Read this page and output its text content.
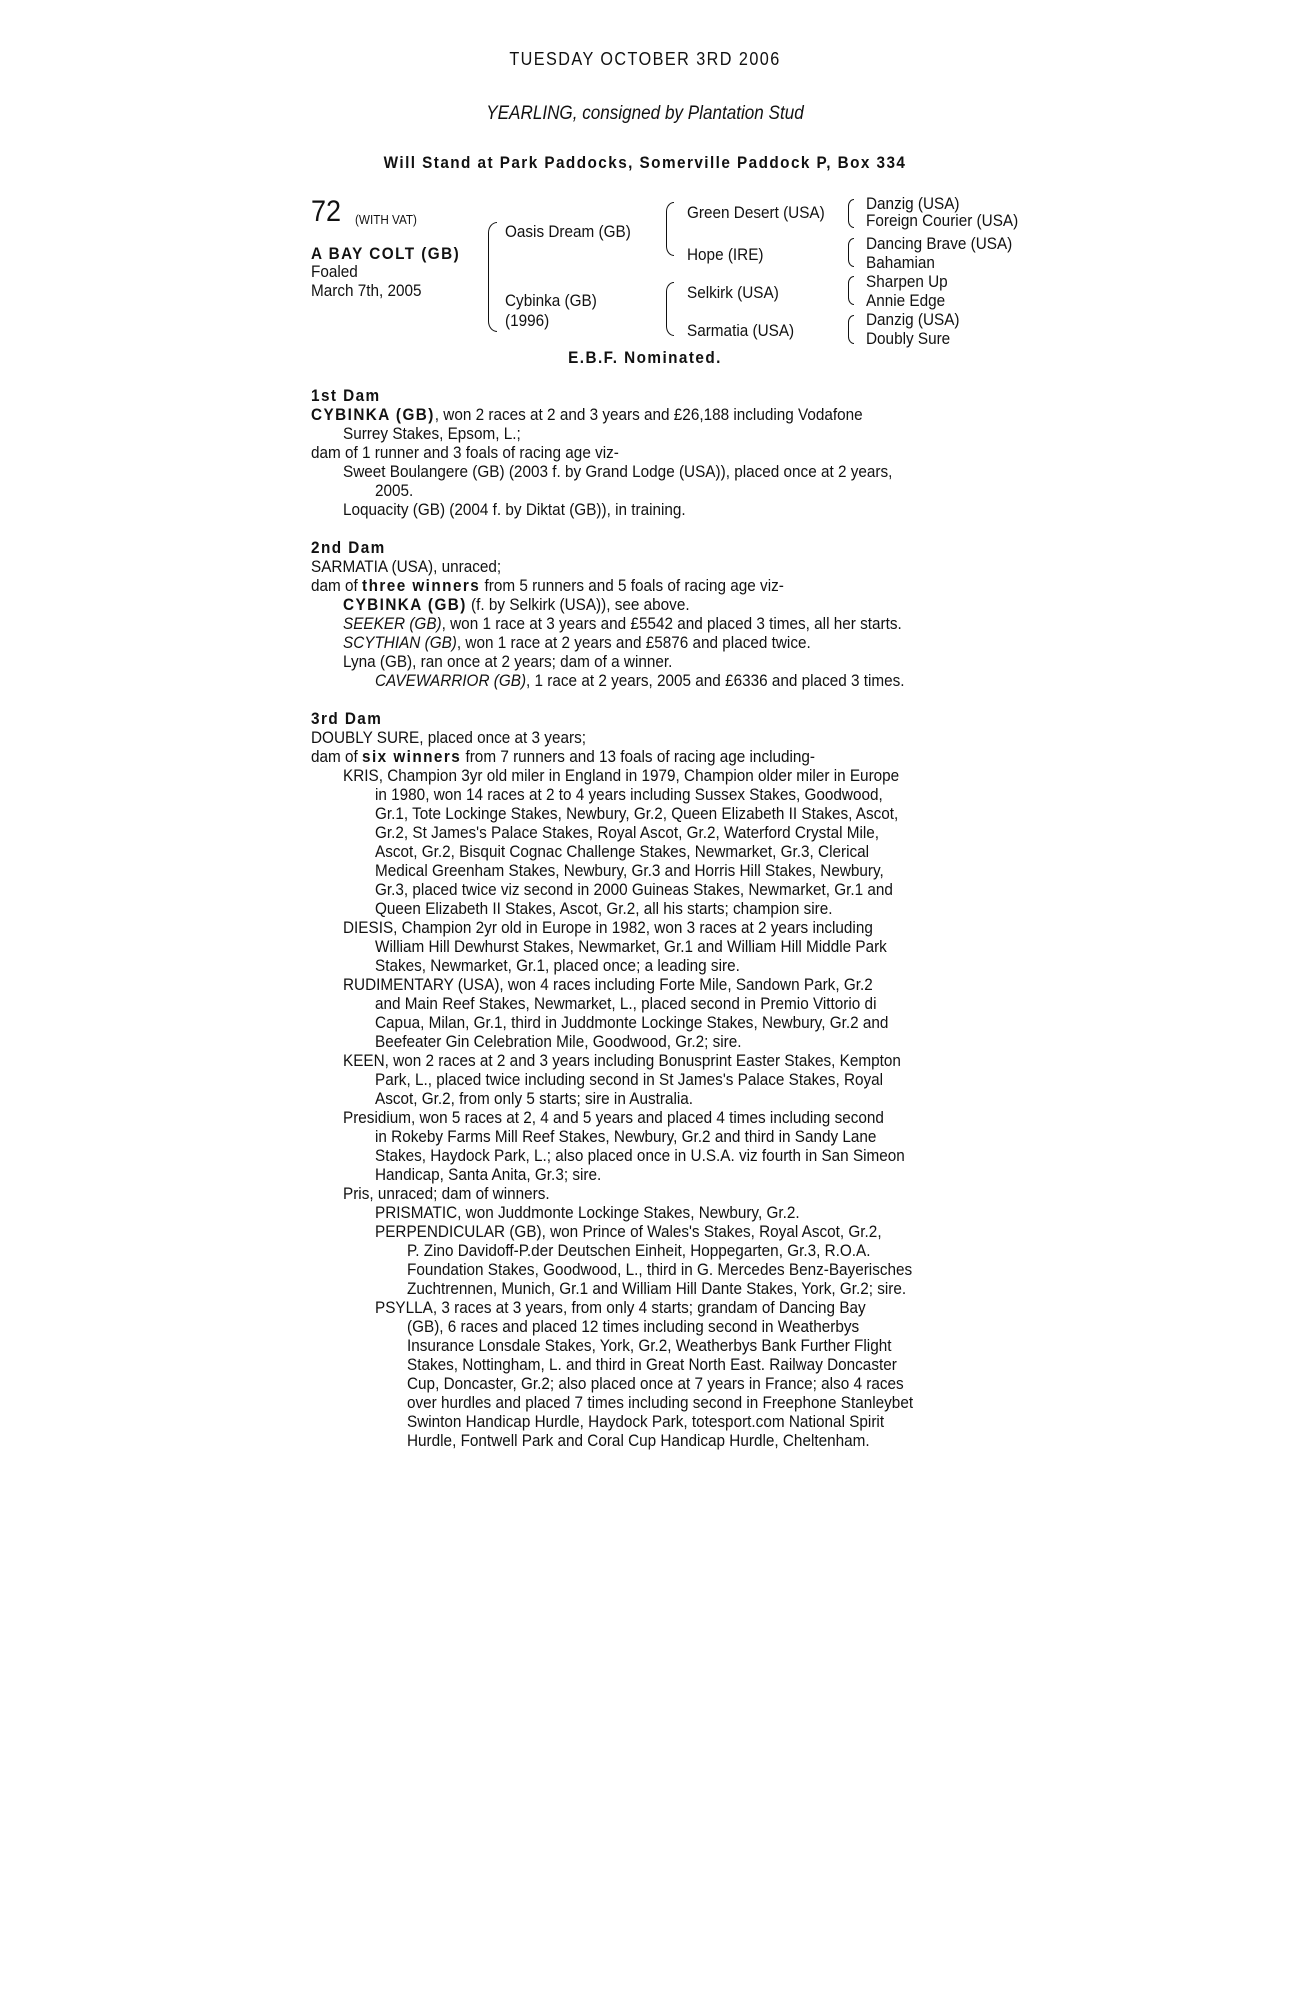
TUESDAY OCTOBER 3RD 2006
YEARLING, consigned by Plantation Stud
Will Stand at Park Paddocks, Somerville Paddock P, Box 334
72 (WITH VAT)
A BAY COLT (GB)
Foaled
March 7th, 2005
Oasis Dream (GB)
Cybinka (GB)
(1996)
Green Desert (USA)
Hope (IRE)
Selkirk (USA)
Sarmatia (USA)
Danzig (USA)
Foreign Courier (USA)
Dancing Brave (USA)
Bahamian
Sharpen Up
Annie Edge
Danzig (USA)
Doubly Sure
E.B.F. Nominated.
1st Dam
CYBINKA (GB), won 2 races at 2 and 3 years and £26,188 including Vodafone
Surrey Stakes, Epsom, L.;
dam of 1 runner and 3 foals of racing age viz-
Sweet Boulangere (GB) (2003 f. by Grand Lodge (USA)), placed once at 2 years,
2005.
Loquacity (GB) (2004 f. by Diktat (GB)), in training.
2nd Dam
SARMATIA (USA), unraced;
dam of three winners from 5 runners and 5 foals of racing age viz-
CYBINKA (GB) (f. by Selkirk (USA)), see above.
SEEKER (GB), won 1 race at 3 years and £5542 and placed 3 times, all her starts.
SCYTHIAN (GB), won 1 race at 2 years and £5876 and placed twice.
Lyna (GB), ran once at 2 years; dam of a winner.
CAVEWARRIOR (GB), 1 race at 2 years, 2005 and £6336 and placed 3 times.
3rd Dam
DOUBLY SURE, placed once at 3 years;
dam of six winners from 7 runners and 13 foals of racing age including-
KRIS, Champion 3yr old miler in England in 1979, Champion older miler in Europe
in 1980, won 14 races at 2 to 4 years including Sussex Stakes, Goodwood,
Gr.1, Tote Lockinge Stakes, Newbury, Gr.2, Queen Elizabeth II Stakes, Ascot,
Gr.2, St James's Palace Stakes, Royal Ascot, Gr.2, Waterford Crystal Mile,
Ascot, Gr.2, Bisquit Cognac Challenge Stakes, Newmarket, Gr.3, Clerical
Medical Greenham Stakes, Newbury, Gr.3 and Horris Hill Stakes, Newbury,
Gr.3, placed twice viz second in 2000 Guineas Stakes, Newmarket, Gr.1 and
Queen Elizabeth II Stakes, Ascot, Gr.2, all his starts; champion sire.
DIESIS, Champion 2yr old in Europe in 1982, won 3 races at 2 years including
William Hill Dewhurst Stakes, Newmarket, Gr.1 and William Hill Middle Park
Stakes, Newmarket, Gr.1, placed once; a leading sire.
RUDIMENTARY (USA), won 4 races including Forte Mile, Sandown Park, Gr.2
and Main Reef Stakes, Newmarket, L., placed second in Premio Vittorio di
Capua, Milan, Gr.1, third in Juddmonte Lockinge Stakes, Newbury, Gr.2 and
Beefeater Gin Celebration Mile, Goodwood, Gr.2; sire.
KEEN, won 2 races at 2 and 3 years including Bonusprint Easter Stakes, Kempton
Park, L., placed twice including second in St James's Palace Stakes, Royal
Ascot, Gr.2, from only 5 starts; sire in Australia.
Presidium, won 5 races at 2, 4 and 5 years and placed 4 times including second
in Rokeby Farms Mill Reef Stakes, Newbury, Gr.2 and third in Sandy Lane
Stakes, Haydock Park, L.; also placed once in U.S.A. viz fourth in San Simeon
Handicap, Santa Anita, Gr.3; sire.
Pris, unraced; dam of winners.
PRISMATIC, won Juddmonte Lockinge Stakes, Newbury, Gr.2.
PERPENDICULAR (GB), won Prince of Wales's Stakes, Royal Ascot, Gr.2,
P. Zino Davidoff-P.der Deutschen Einheit, Hoppegarten, Gr.3, R.O.A.
Foundation Stakes, Goodwood, L., third in G. Mercedes Benz-Bayerisches
Zuchtrennen, Munich, Gr.1 and William Hill Dante Stakes, York, Gr.2; sire.
PSYLLA, 3 races at 3 years, from only 4 starts; grandam of Dancing Bay
(GB), 6 races and placed 12 times including second in Weatherbys
Insurance Lonsdale Stakes, York, Gr.2, Weatherbys Bank Further Flight
Stakes, Nottingham, L. and third in Great North East. Railway Doncaster
Cup, Doncaster, Gr.2; also placed once at 7 years in France; also 4 races
over hurdles and placed 7 times including second in Freephone Stanleybet
Swinton Handicap Hurdle, Haydock Park, totesport.com National Spirit
Hurdle, Fontwell Park and Coral Cup Handicap Hurdle, Cheltenham.
